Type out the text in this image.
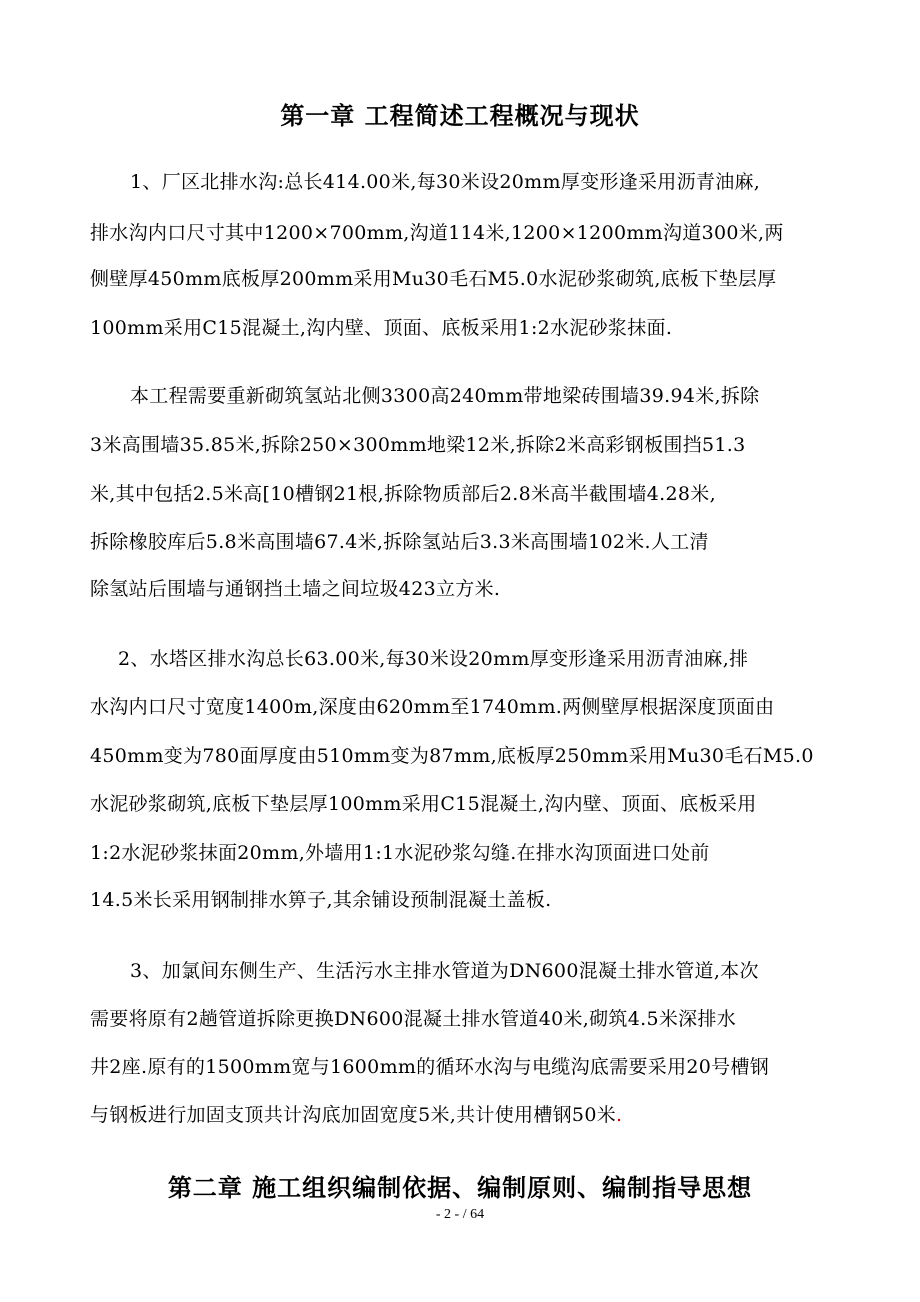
第一章 工程简述工程概况与现状
1、厂区北排水沟:总长414.00米,每30米设20mm厚变形逢采用沥青油麻,
排水沟内口尺寸其中1200×700mm,沟道114米,1200×1200mm沟道300米,两
侧壁厚450mm底板厚200mm采用Mu30毛石M5.0水泥砂浆砌筑,底板下垫层厚
100mm采用C15混凝土,沟内壁、顶面、底板采用1:2水泥砂浆抹面.
本工程需要重新砌筑氢站北侧3300高240mm带地梁砖围墙39.94米,拆除
3米高围墙35.85米,拆除250×300mm地梁12米,拆除2米高彩钢板围挡51.3
米,其中包括2.5米高[10槽钢21根,拆除物质部后2.8米高半截围墙4.28米,
拆除橡胶库后5.8米高围墙67.4米,拆除氢站后3.3米高围墙102米.人工清
除氢站后围墙与通钢挡土墙之间垃圾423立方米.
2、水塔区排水沟总长63.00米,每30米设20mm厚变形逢采用沥青油麻,排
水沟内口尺寸宽度1400m,深度由620mm至1740mm.两侧壁厚根据深度顶面由
450mm变为780面厚度由510mm变为87mm,底板厚250mm采用Mu30毛石M5.0
水泥砂浆砌筑,底板下垫层厚100mm采用C15混凝土,沟内壁、顶面、底板采用
1:2水泥砂浆抹面20mm,外墙用1:1水泥砂浆勾缝.在排水沟顶面进口处前
14.5米长采用钢制排水箅子,其余铺设预制混凝土盖板.
3、加氯间东侧生产、生活污水主排水管道为DN600混凝土排水管道,本次
需要将原有2趟管道拆除更换DN600混凝土排水管道40米,砌筑4.5米深排水
井2座.原有的1500mm宽与1600mm的循环水沟与电缆沟底需要采用20号槽钢
与钢板进行加固支顶共计沟底加固宽度5米,共计使用槽钢50米.
第二章 施工组织编制依据、编制原则、编制指导思想
- 2 - / 64
